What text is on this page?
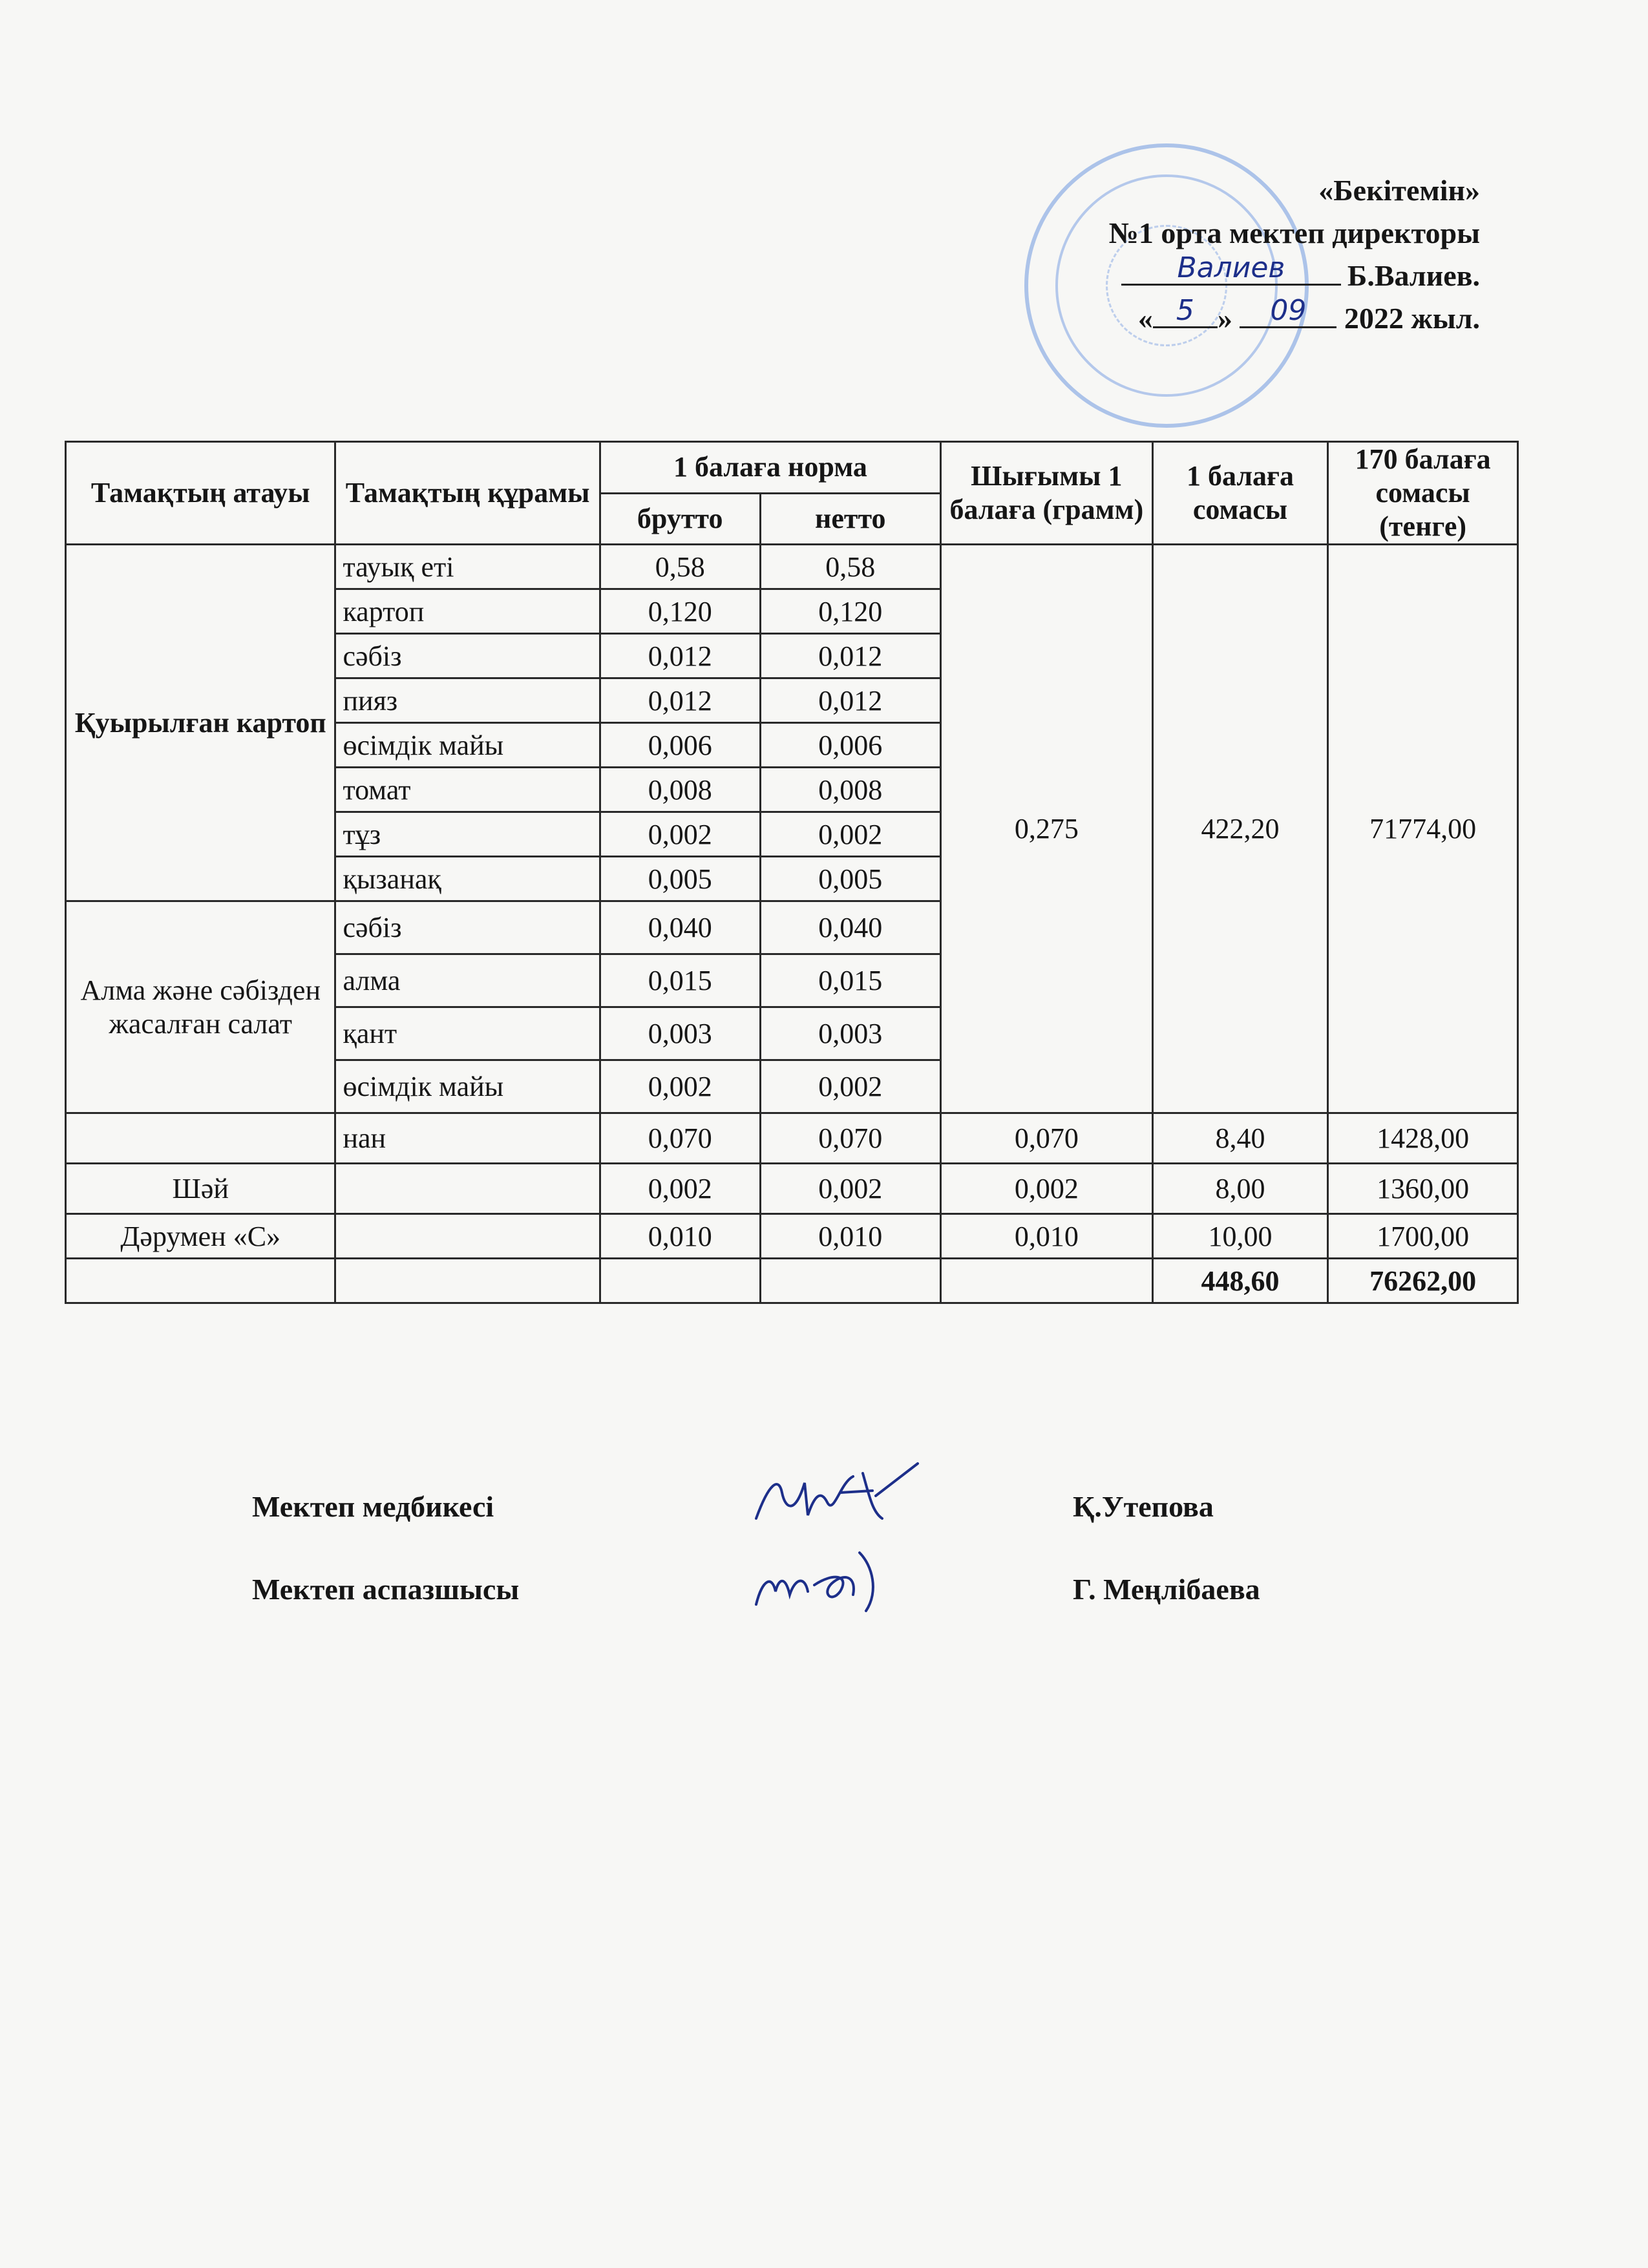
«Бекітемін»
№1 орта мектеп директоры
Валиев	Б.Валиев.
« 5 »	09	2022 жыл.
Тамақтың атауы	Тамақтың құрамы	1 балаға норма		Шығымы 1 балаға (грамм)	1 балаға сомасы	170 балаға сомасы (тенге)
		брутто	нетто			
Қуырылған картоп	тауық еті	0,58	0,58	0,275	422,20	71774,00
	картоп	0,120	0,120			
	сәбіз	0,012	0,012			
	пияз	0,012	0,012			
	өсімдік майы	0,006	0,006			
	томат	0,008	0,008			
	тұз	0,002	0,002			
	қызанақ	0,005	0,005			
Алма және сәбізден жасалған салат	сәбіз	0,040	0,040			
	алма	0,015	0,015			
	қант	0,003	0,003			
	өсімдік майы	0,002	0,002			
	нан	0,070	0,070	0,070	8,40	1428,00
Шәй		0,002	0,002	0,002	8,00	1360,00
Дәрумен «С»		0,010	0,010	0,010	10,00	1700,00
					448,60	76262,00
Мектеп медбикесі	Қ.Утепова
Мектеп аспазшысы	Г. Меңлібаева
